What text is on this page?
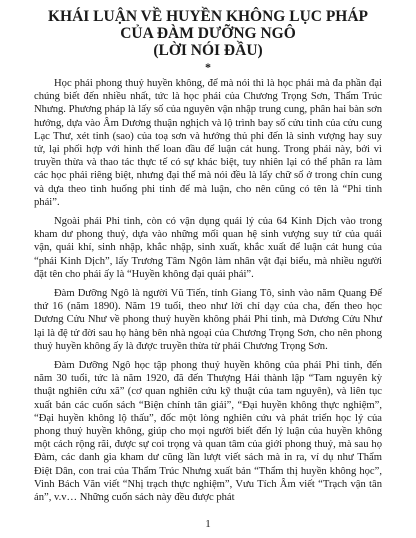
KHÁI LUẬN VỀ HUYỀN KHÔNG LỤC PHÁP
CỦA ĐÀM DƯỠNG NGÔ
(LỜI NÓI ĐẦU)
*

Học phái phong thuỷ huyền không, để mà nói thì là học phái mà đa phần đại chúng biết đến nhiều nhất, tức là học phái của Chương Trọng Sơn, Thẩm Trúc Nhưng. Phương pháp là lấy số của nguyên vận nhập trung cung, phân hai bàn sơn hướng, dựa vào Âm Dương thuận nghịch và lộ trình bay số cửu tinh của cửu cung Lạc Thư, xét tinh (sao) của toạ sơn và hướng thủ phi đến là sinh vượng hay suy tử, lại phối hợp với hình thế loan đầu để luận cát hung. Trong phái này, bởi vì truyền thừa và thao tác thực tế có sự khác biệt, tuy nhiên lại có thể phân ra làm các học phái riêng biệt, nhưng đại thể mà nói đều là lấy chữ số ở trong chín cung và dựa theo tình huống phi tinh để mà luận, cho nên cũng có tên là “Phi tinh phái”.

Ngoài phái Phi tinh, còn có vận dụng quái lý của 64 Kinh Dịch vào trong kham dư phong thuỷ, dựa vào những mối quan hệ sinh vượng suy tử của quái vận, quái khí, sinh nhập, khắc nhập, sinh xuất, khắc xuất để luận cát hung của “phái Kinh Dịch”, lấy Trương Tâm Ngôn làm nhân vật đại biểu, mà nhiều người đặt tên cho phái ấy là “Huyền không đại quái phái”.

Đàm Dưỡng Ngô là người Vũ Tiến, tỉnh Giang Tô, sinh vào năm Quang Đế thứ 16 (năm 1890). Năm 19 tuổi, theo như lời chỉ dạy của cha, đến theo học Dương Cửu Như về phong thuỷ huyền không phái Phi tinh, mà Dương Cửu Như lại là đệ tử đời sau họ hàng bên nhà ngoại của Chương Trọng Sơn, cho nên phong thuỷ huyền không ấy là được truyền thừa từ phái Chương Trọng Sơn.

Đàm Dưỡng Ngô học tập phong thuỷ huyền không của phái Phi tinh, đến năm 30 tuổi, tức là năm 1920, đã đến Thượng Hải thành lập “Tam nguyên kỳ thuật nghiên cứu xã” (cơ quan nghiên cứu kỹ thuật của tam nguyên), và liên tục xuất bản các cuốn sách “Biện chính tân giải”, “Đại huyền không thực nghiệm”, “Đại huyền không lộ thấu”, đốc một lòng nghiên cứu và phát triển học lý của phong thuỷ huyền không, giúp cho mọi người biết đến lý luận của huyền không một cách rộng rãi, được sự coi trọng và quan tâm của giới phong thuỷ, mà sau họ Đàm, các danh gia kham dư cũng lần lượt viết sách mà in ra, ví dụ như Thẩm Điệt Dân, con trai của Thẩm Trúc Nhưng xuất bản “Thẩm thị huyền không học”, Vinh Bách Văn viết “Nhị trạch thực nghiệm”, Vưu Tích Âm viết “Trạch vận tân án”, v.v… Những cuốn sách này đều được phát

1
